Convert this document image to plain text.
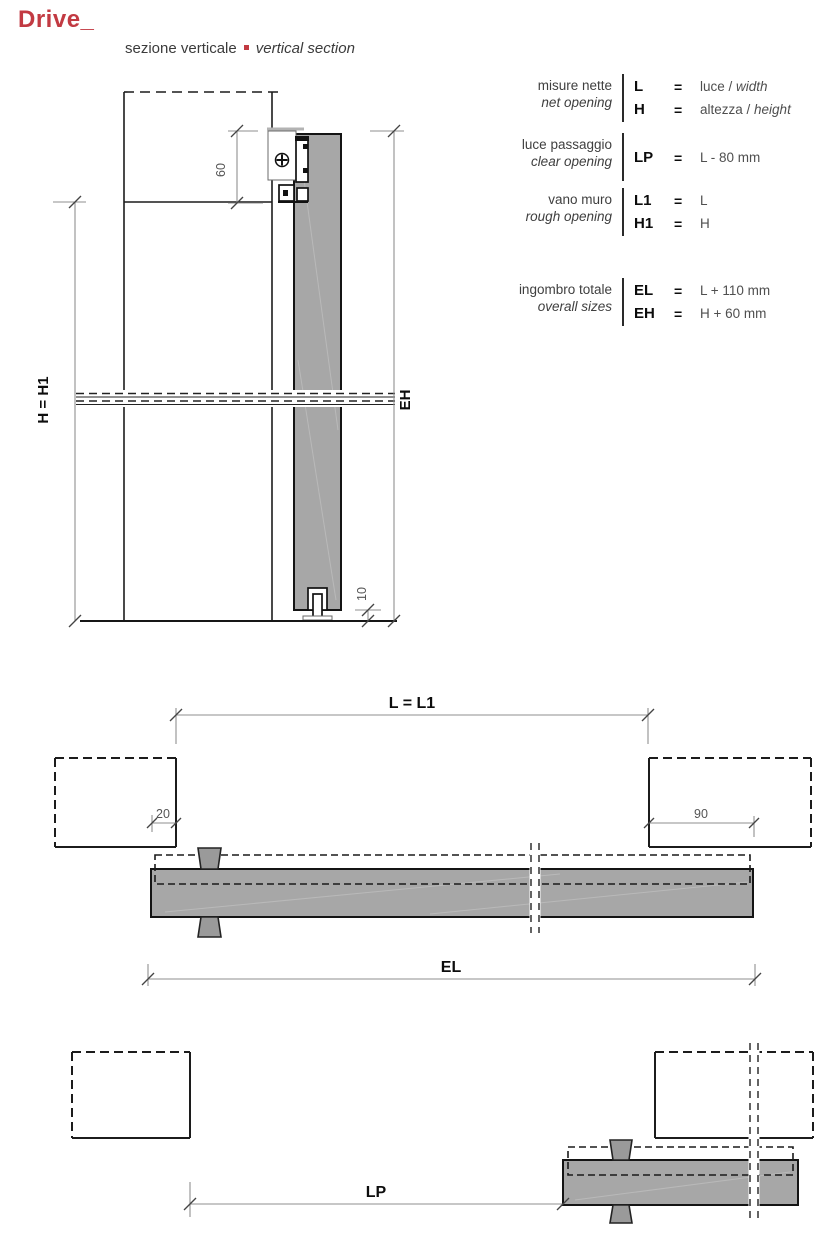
Drive_
sezione verticale vertical section
misure nette
net opening
L	=	luce / width
H	=	altezza / height
luce passaggio
clear opening LP	=	L - 80 mm
vano muro
rough opening
L1	=	L
H1	=	H
ingombro totale
overall sizes
EL	=	L + 110 mm
EH	=	H + 60 mm
60
H = H1	EH
10
L = L1
20	90
EL
LP
